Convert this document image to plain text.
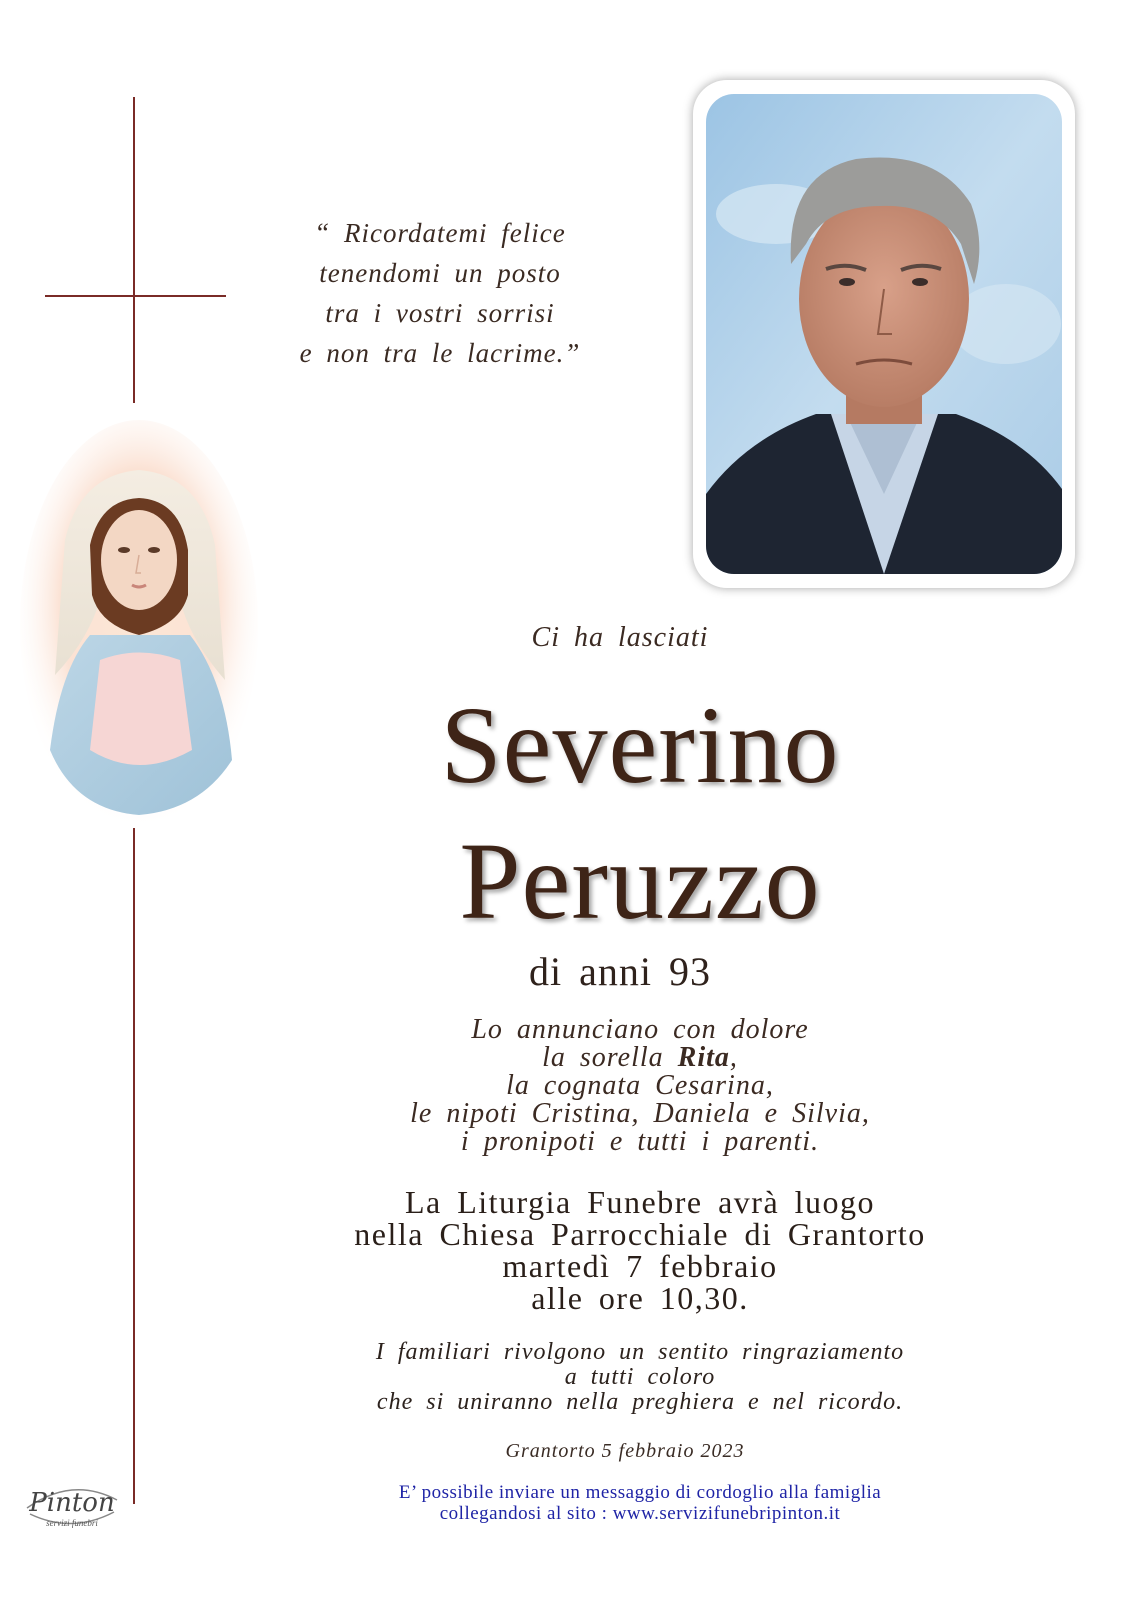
“ Ricordatemi felice
tenendomi un posto
tra i vostri sorrisi
e non tra le lacrime.”
Ci ha lasciati
Severino
Peruzzo
di anni 93
Lo annunciano con dolore
la sorella Rita,
la cognata Cesarina,
le nipoti Cristina, Daniela e Silvia,
i pronipoti e tutti i parenti.
La Liturgia Funebre avrà luogo
nella Chiesa Parrocchiale di Grantorto
martedì 7 febbraio
alle ore 10,30.
I familiari rivolgono un sentito ringraziamento
a tutti coloro
che si uniranno nella preghiera e nel ricordo.
Grantorto 5 febbraio 2023
E’ possibile inviare un messaggio di cordoglio alla famiglia
collegandosi al sito : www.servizifunebripinton.it
Pinton
servizi funebri
